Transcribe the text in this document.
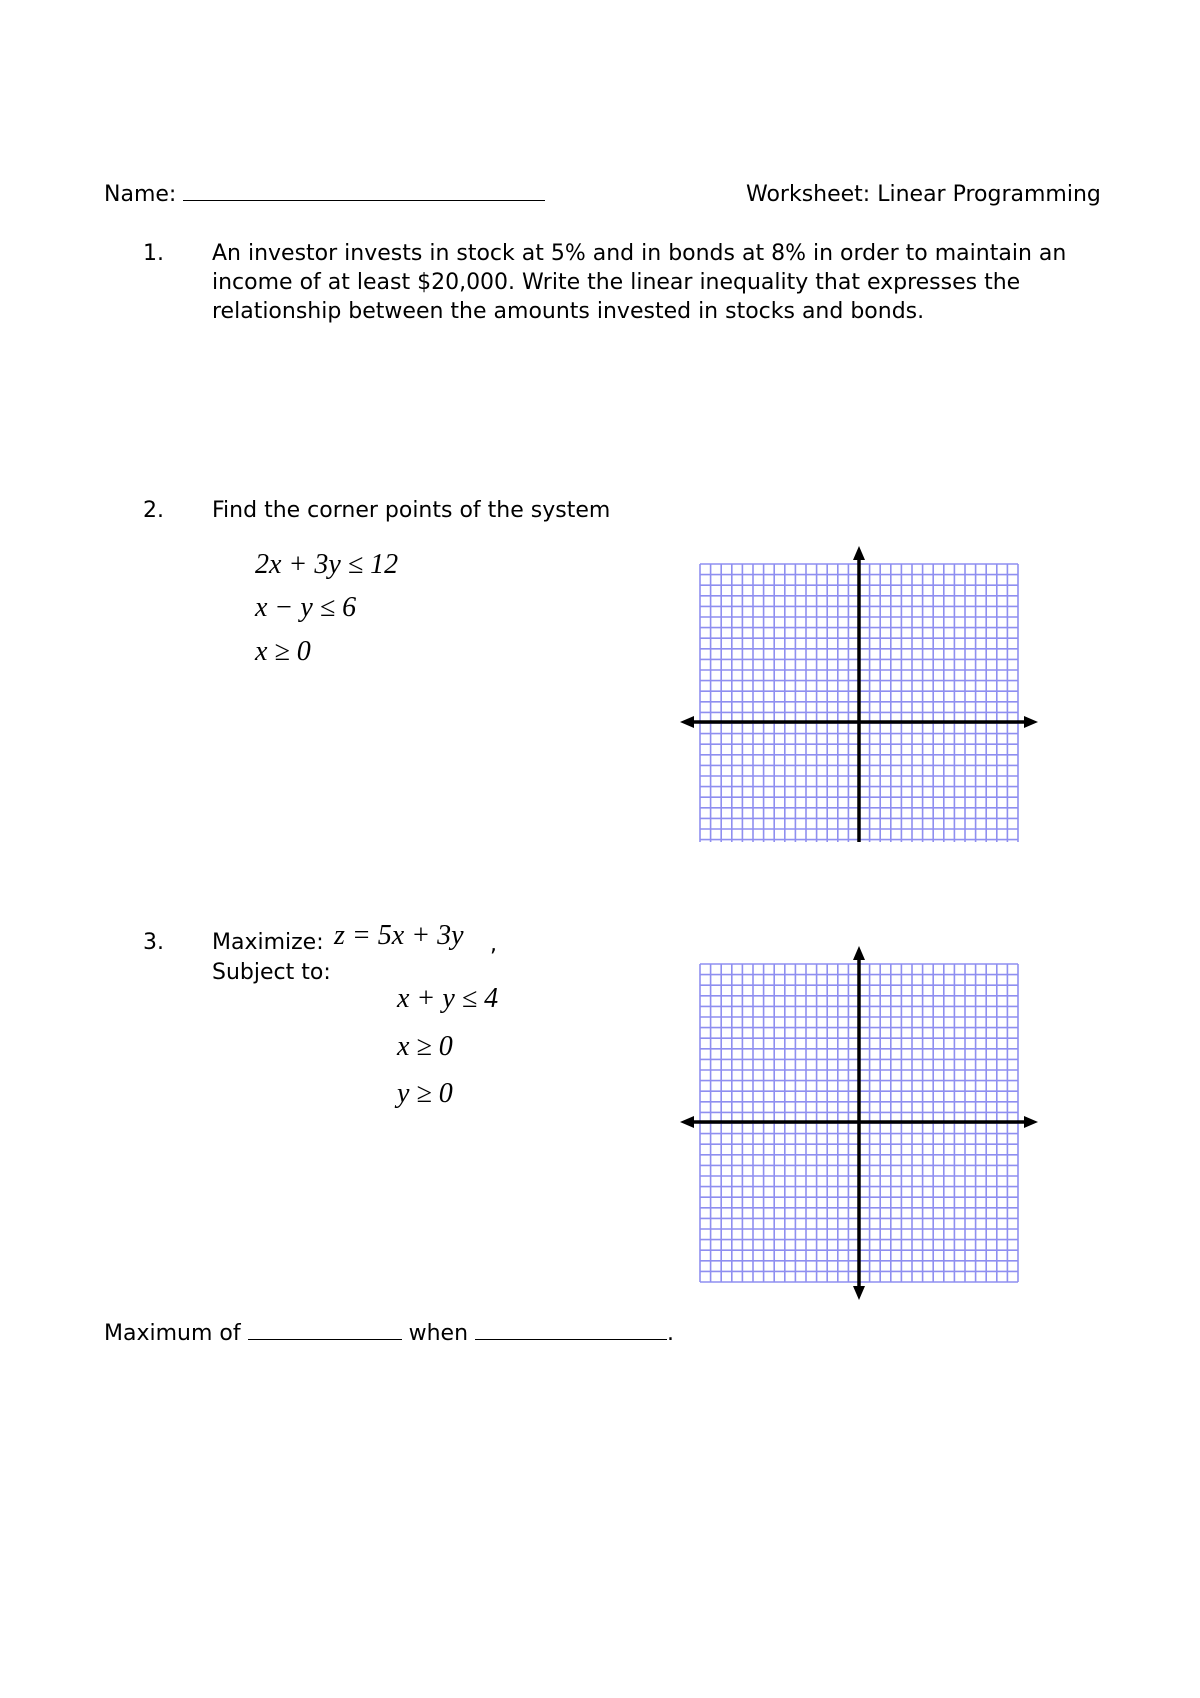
Name:	Worksheet: Linear Programming
1. An investor invests in stock at 5% and in bonds at 8% in order to maintain an
income of at least $20,000. Write the linear inequality that expresses the
relationship between the amounts invested in stocks and bonds.
2. Find the corner points of the system
2x + 3y ≤ 12
x − y ≤ 6
x ≥ 0
3. Maximize: z = 5x + 3y ,
Subject to:
x + y ≤ 4
x ≥ 0
y ≥ 0
Maximum of	when	.
